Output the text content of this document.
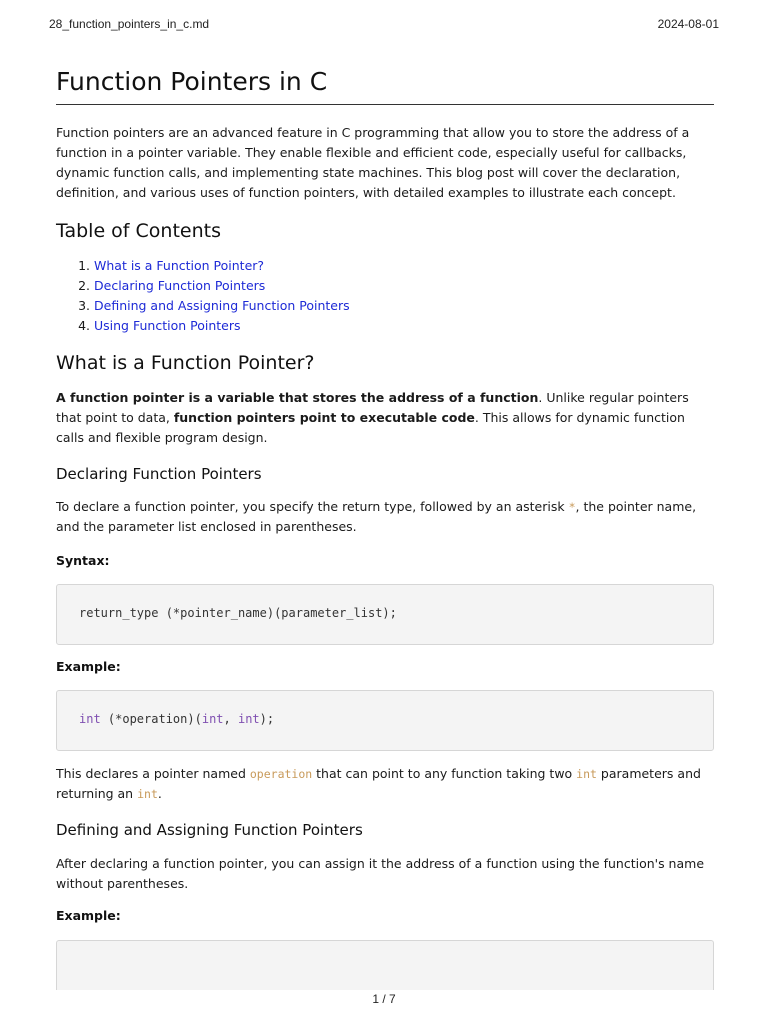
28_function_pointers_in_c.md	2024-08-01
Function Pointers in C

Function pointers are an advanced feature in C programming that allow you to store the address of a function in a pointer variable. They enable flexible and efficient code, especially useful for callbacks, dynamic function calls, and implementing state machines. This blog post will cover the declaration, definition, and various uses of function pointers, with detailed examples to illustrate each concept.

Table of Contents
1. What is a Function Pointer?
2. Declaring Function Pointers
3. Defining and Assigning Function Pointers
4. Using Function Pointers
What is a Function Pointer?

A function pointer is a variable that stores the address of a function. Unlike regular pointers that point to data, function pointers point to executable code. This allows for dynamic function calls and flexible program design.

Declaring Function Pointers

To declare a function pointer, you specify the return type, followed by an asterisk *, the pointer name, and the parameter list enclosed in parentheses.

Syntax:
return_type (*pointer_name)(parameter_list);
Example:
int (*operation)(int, int);

This declares a pointer named operation that can point to any function taking two int parameters and returning an int.

Defining and Assigning Function Pointers

After declaring a function pointer, you can assign it the address of a function using the function's name without parentheses.

Example:
1 / 7
